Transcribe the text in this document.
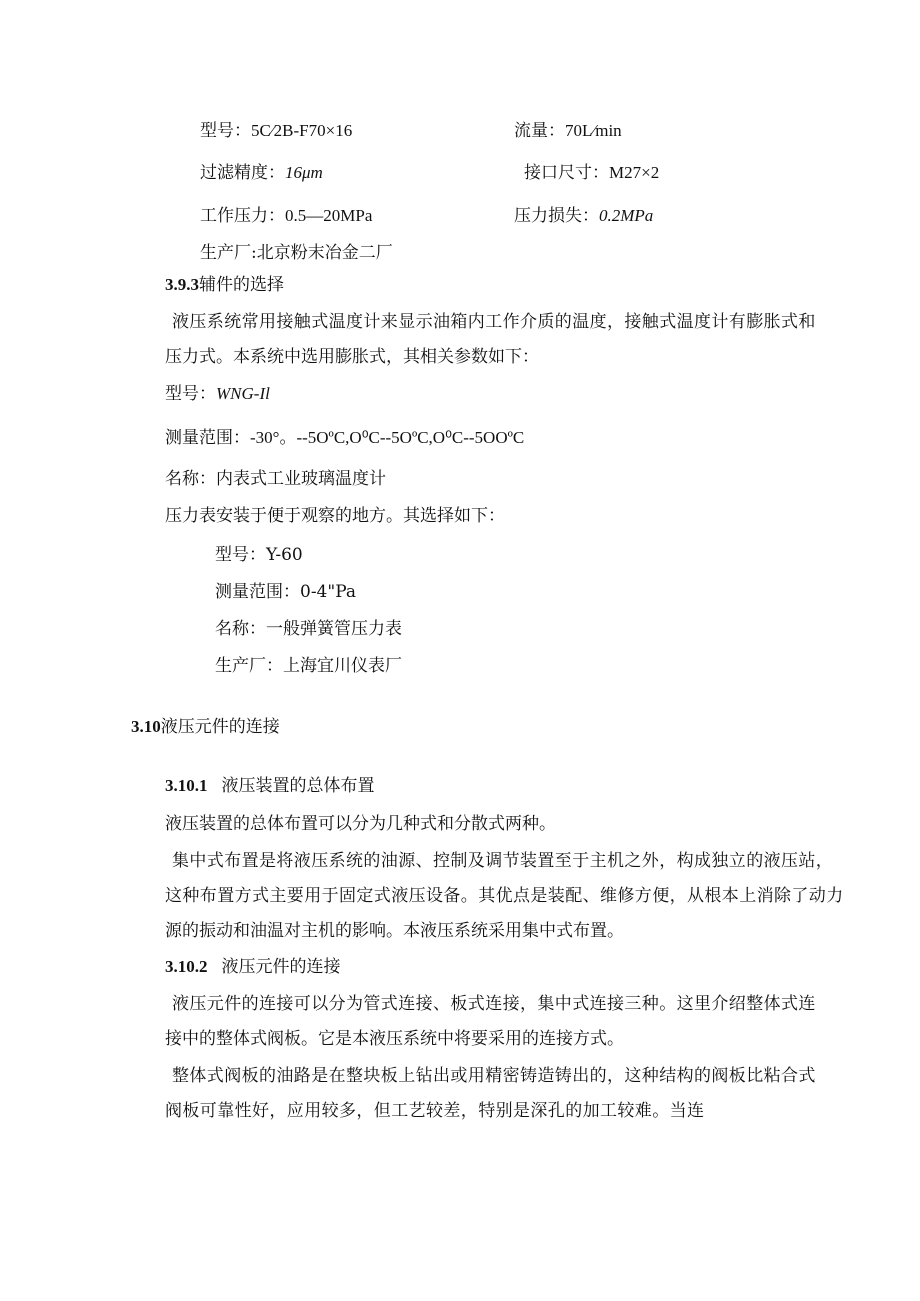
型号：5C⁄2B-F70×16	流量：70L⁄min
过滤精度：16μm	接口尺寸：M27×2
工作压力：0.5—20MPa	压力损失：0.2MPa
生产厂:北京粉末冶金二厂
3.9.3辅件的选择
液压系统常用接触式温度计来显示油箱内工作介质的温度，接触式温度计有膨胀式和
压力式。本系统中选用膨胀式，其相关参数如下：
型号：WNG-Il
测量范围：-30°。--5OºC,O⁰C--5OºC,O⁰C--5OOºC
名称：内表式工业玻璃温度计
压力表安装于便于观察的地方。其选择如下：
型号：Y-60
测量范围：0-4"Pa
名称：一般弹簧管压力表
生产厂：上海宜川仪表厂
3.10液压元件的连接
3.10.1 液压装置的总体布置
液压装置的总体布置可以分为几种式和分散式两种。
集中式布置是将液压系统的油源、控制及调节装置至于主机之外，构成独立的液压站，
这种布置方式主要用于固定式液压设备。其优点是装配、维修方便，从根本上消除了动力
源的振动和油温对主机的影响。本液压系统采用集中式布置。
3.10.2 液压元件的连接
液压元件的连接可以分为管式连接、板式连接，集中式连接三种。这里介绍整体式连
接中的整体式阀板。它是本液压系统中将要采用的连接方式。
整体式阀板的油路是在整块板上钻出或用精密铸造铸出的，这种结构的阀板比粘合式
阀板可靠性好，应用较多，但工艺较差，特别是深孔的加工较难。当连
